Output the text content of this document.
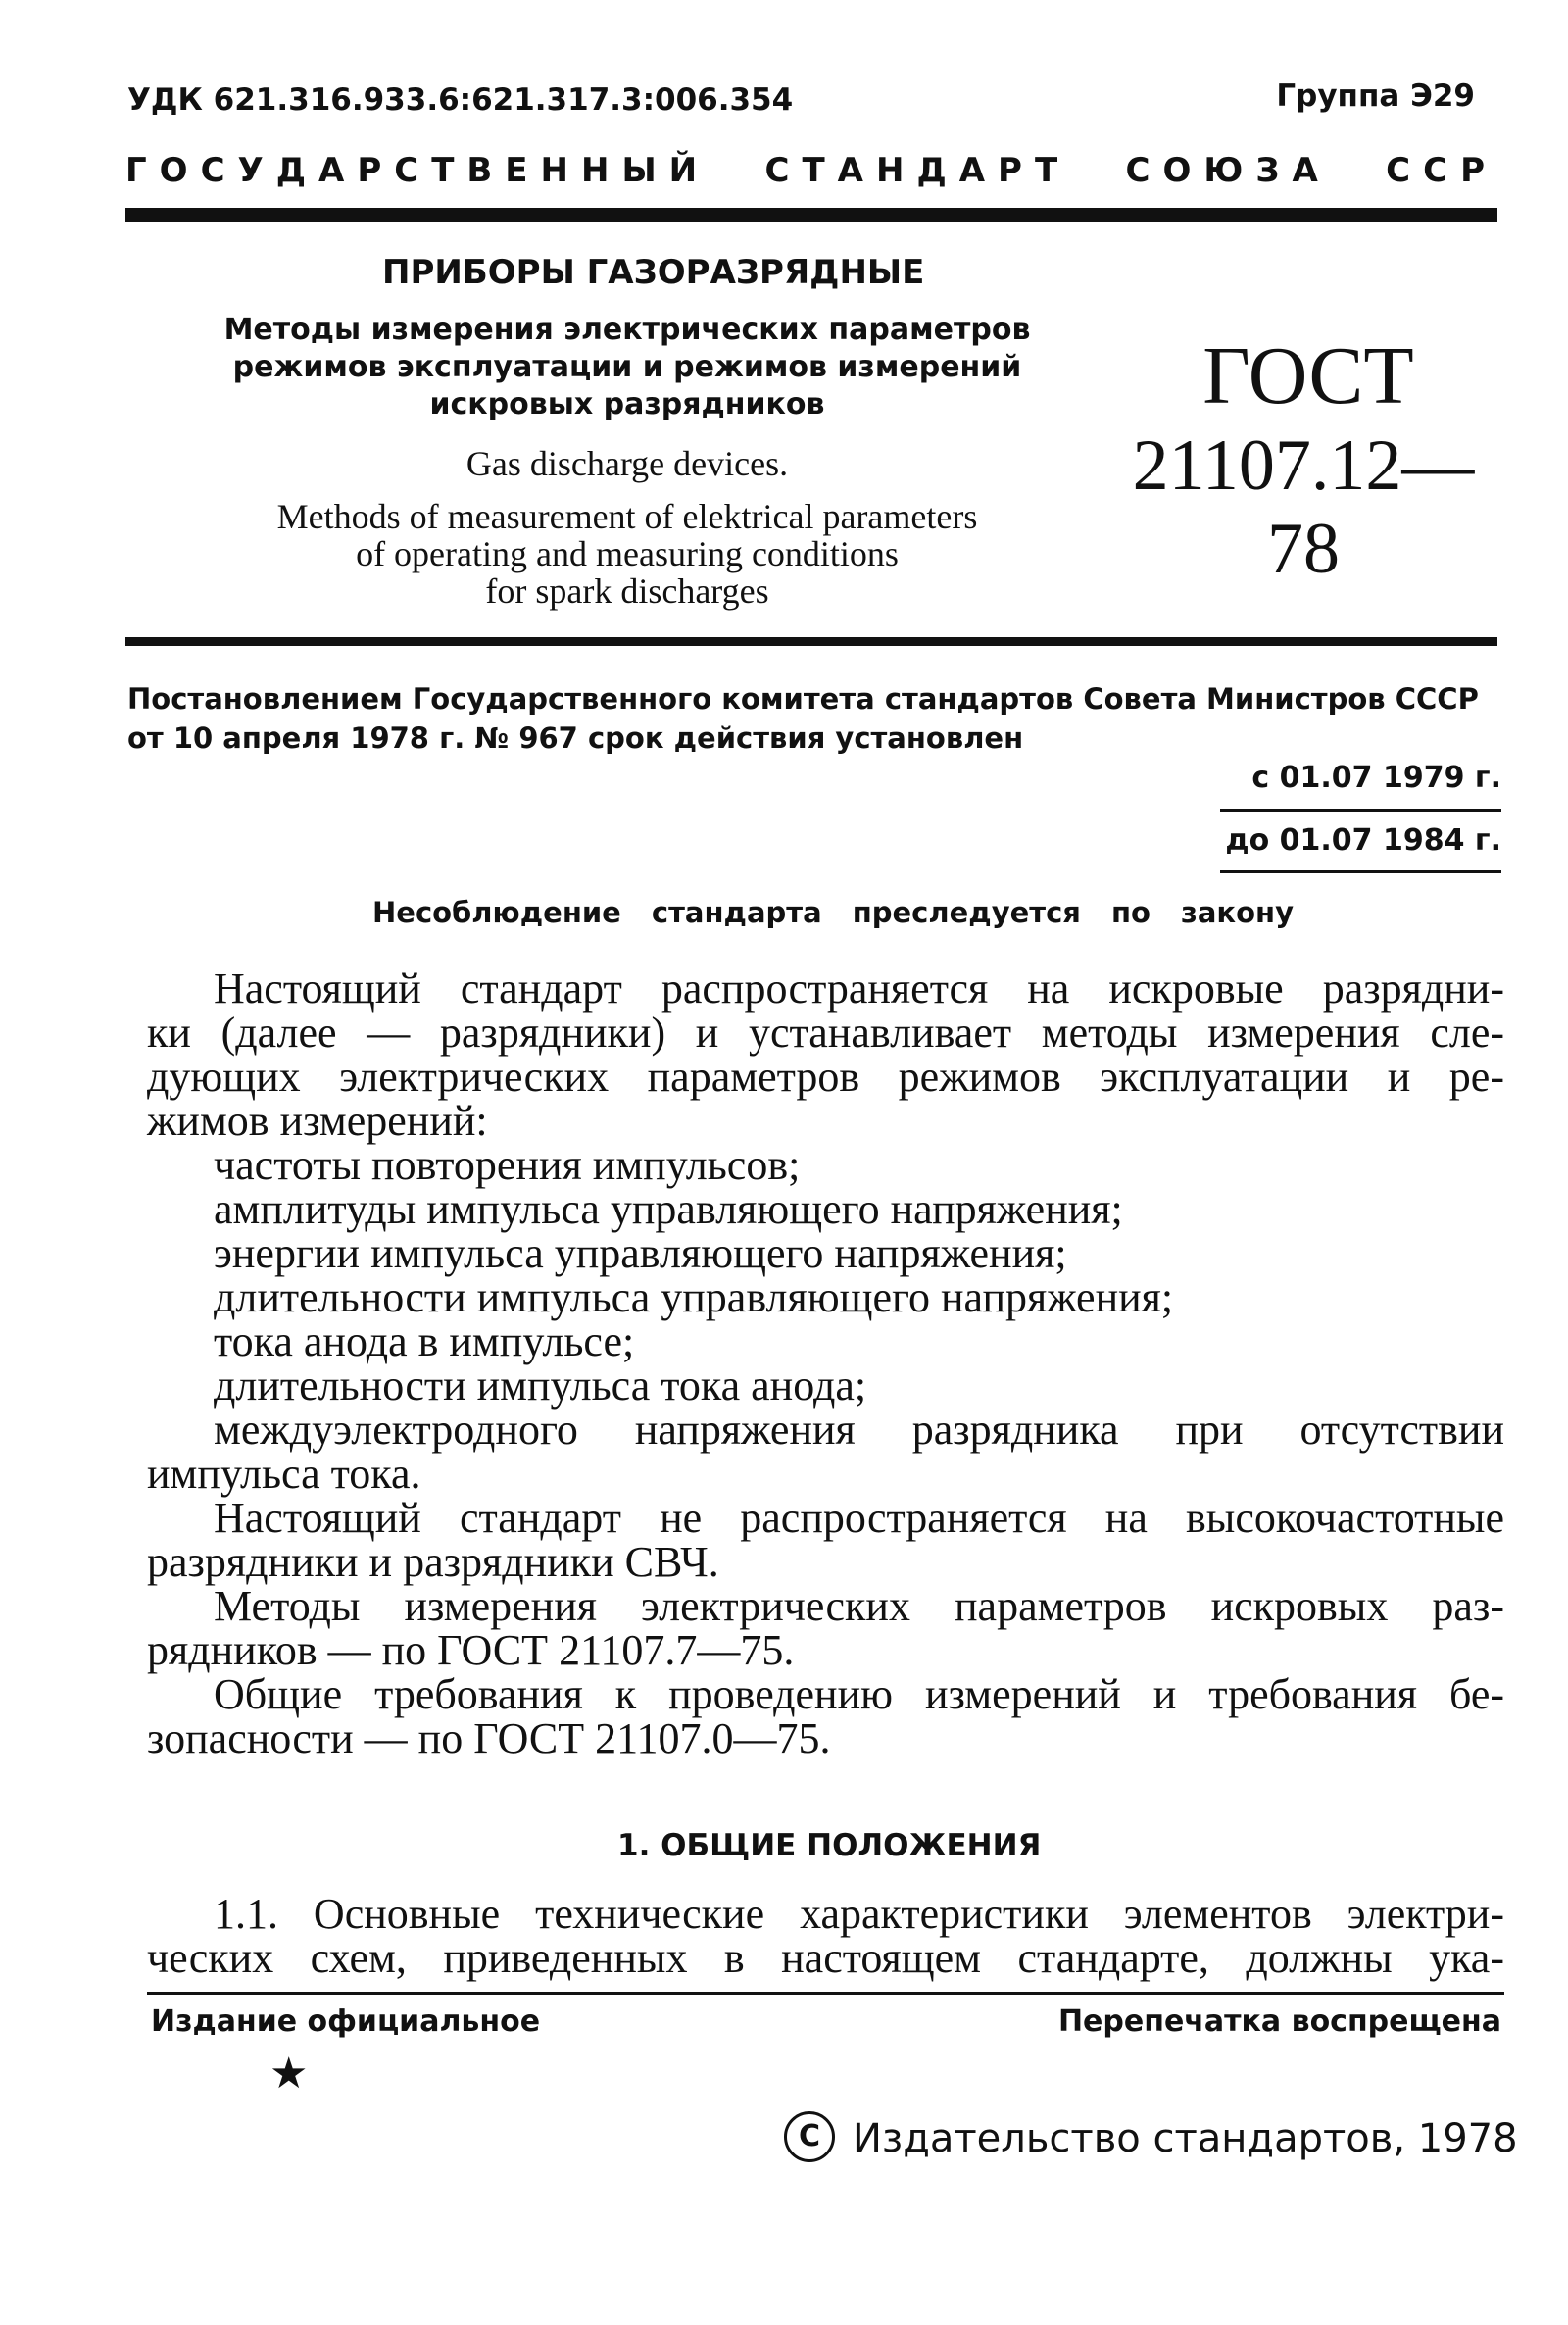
УДК 621.316.933.6:621.317.3:006.354	Группа Э29
ГОСУДАРСТВЕННЫЙ СТАНДАРТ СОЮЗА ССР
ПРИБОРЫ ГАЗОРАЗРЯДНЫЕ
Методы измерения электрических параметров
режимов эксплуатации и режимов измерений
искровых разрядников
Gas discharge devices.
Methods of measurement of elektrical parameters
of operating and measuring conditions
for spark discharges
ГОСТ
21107.12—78
Постановлением Государственного комитета стандартов Совета Министров СССР
от 10 апреля 1978 г. № 967 срок действия установлен
с 01.07 1979 г.
до 01.07 1984 г.
Несоблюдение стандарта преследуется по закону

Настоящий стандарт распространяется на искровые разрядни-

ки (далее — разрядники) и устанавливает методы измерения сле-

дующих электрических параметров режимов эксплуатации и ре-

жимов измерений:

частоты повторения импульсов;

амплитуды импульса управляющего напряжения;

энергии импульса управляющего напряжения;

длительности импульса управляющего напряжения;

тока анода в импульсе;

длительности импульса тока анода;

междуэлектродного напряжения разрядника при отсутствии

импульса тока.

Настоящий стандарт не распространяется на высокочастотные

разрядники и разрядники СВЧ.

Методы измерения электрических параметров искровых раз-

рядников — по ГОСТ 21107.7—75.

Общие требования к проведению измерений и требования бе-

зопасности — по ГОСТ 21107.0—75.

1. ОБЩИЕ ПОЛОЖЕНИЯ

1.1. Основные технические характеристики элементов электри-

ческих схем, приведенных в настоящем стандарте, должны ука-

Издание официальное	Перепечатка воспрещена
★
C Издательство стандартов, 1978
